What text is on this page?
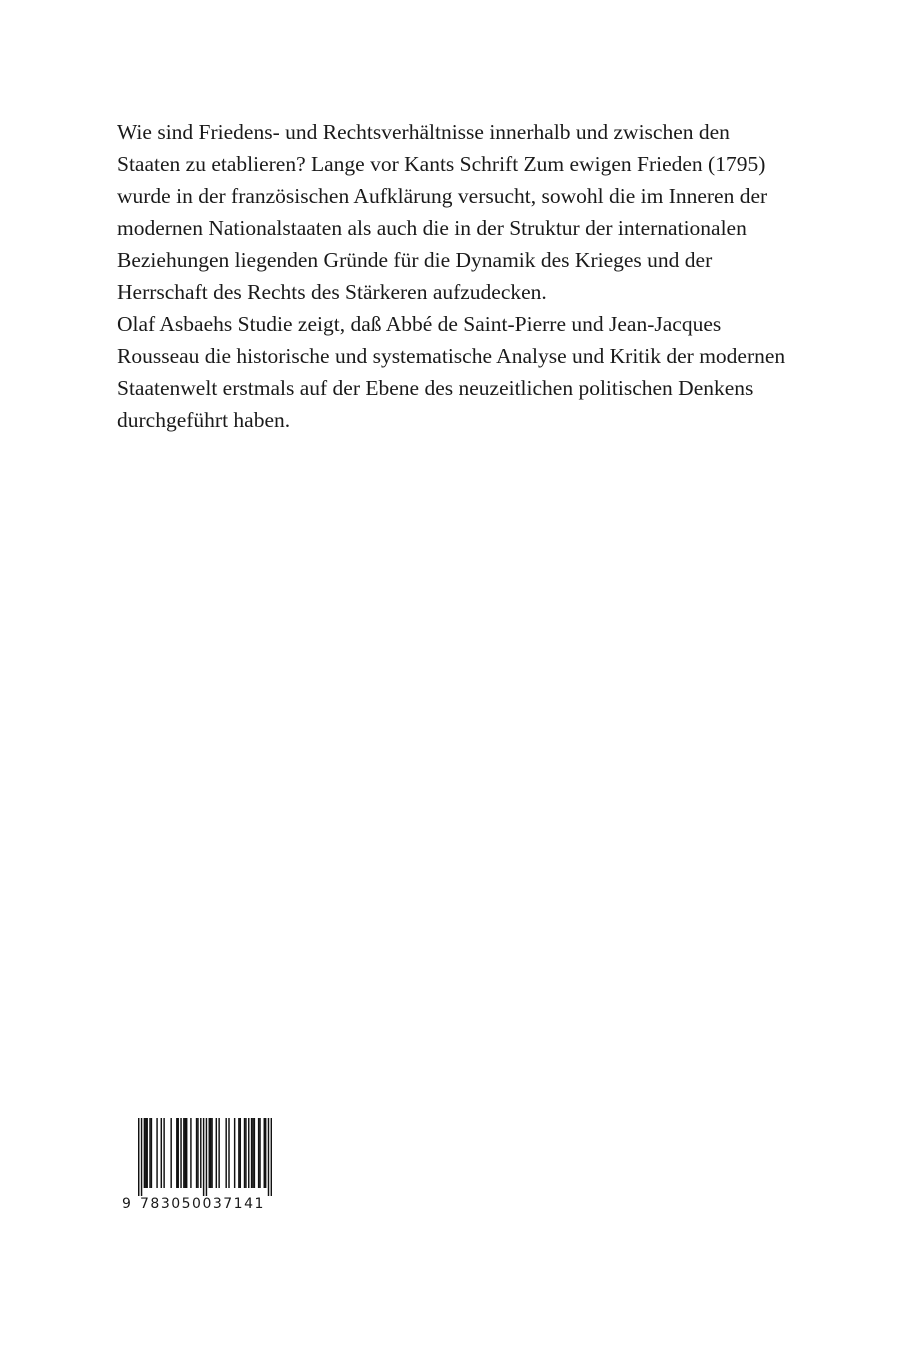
Wie sind Friedens- und Rechtsverhältnisse innerhalb und zwischen den
Staaten zu etablieren? Lange vor Kants Schrift Zum ewigen Frieden (1795)
wurde in der französischen Aufklärung versucht, sowohl die im Inneren der
modernen Nationalstaaten als auch die in der Struktur der internationalen
Beziehungen liegenden Gründe für die Dynamik des Krieges und der
Herrschaft des Rechts des Stärkeren aufzudecken.
Olaf Asbaehs Studie zeigt, daß Abbé de Saint-Pierre und Jean-Jacques
Rousseau die historische und systematische Analyse und Kritik der modernen
Staatenwelt erstmals auf der Ebene des neuzeitlichen politischen Denkens
durchgeführt haben.
9 783050037141
